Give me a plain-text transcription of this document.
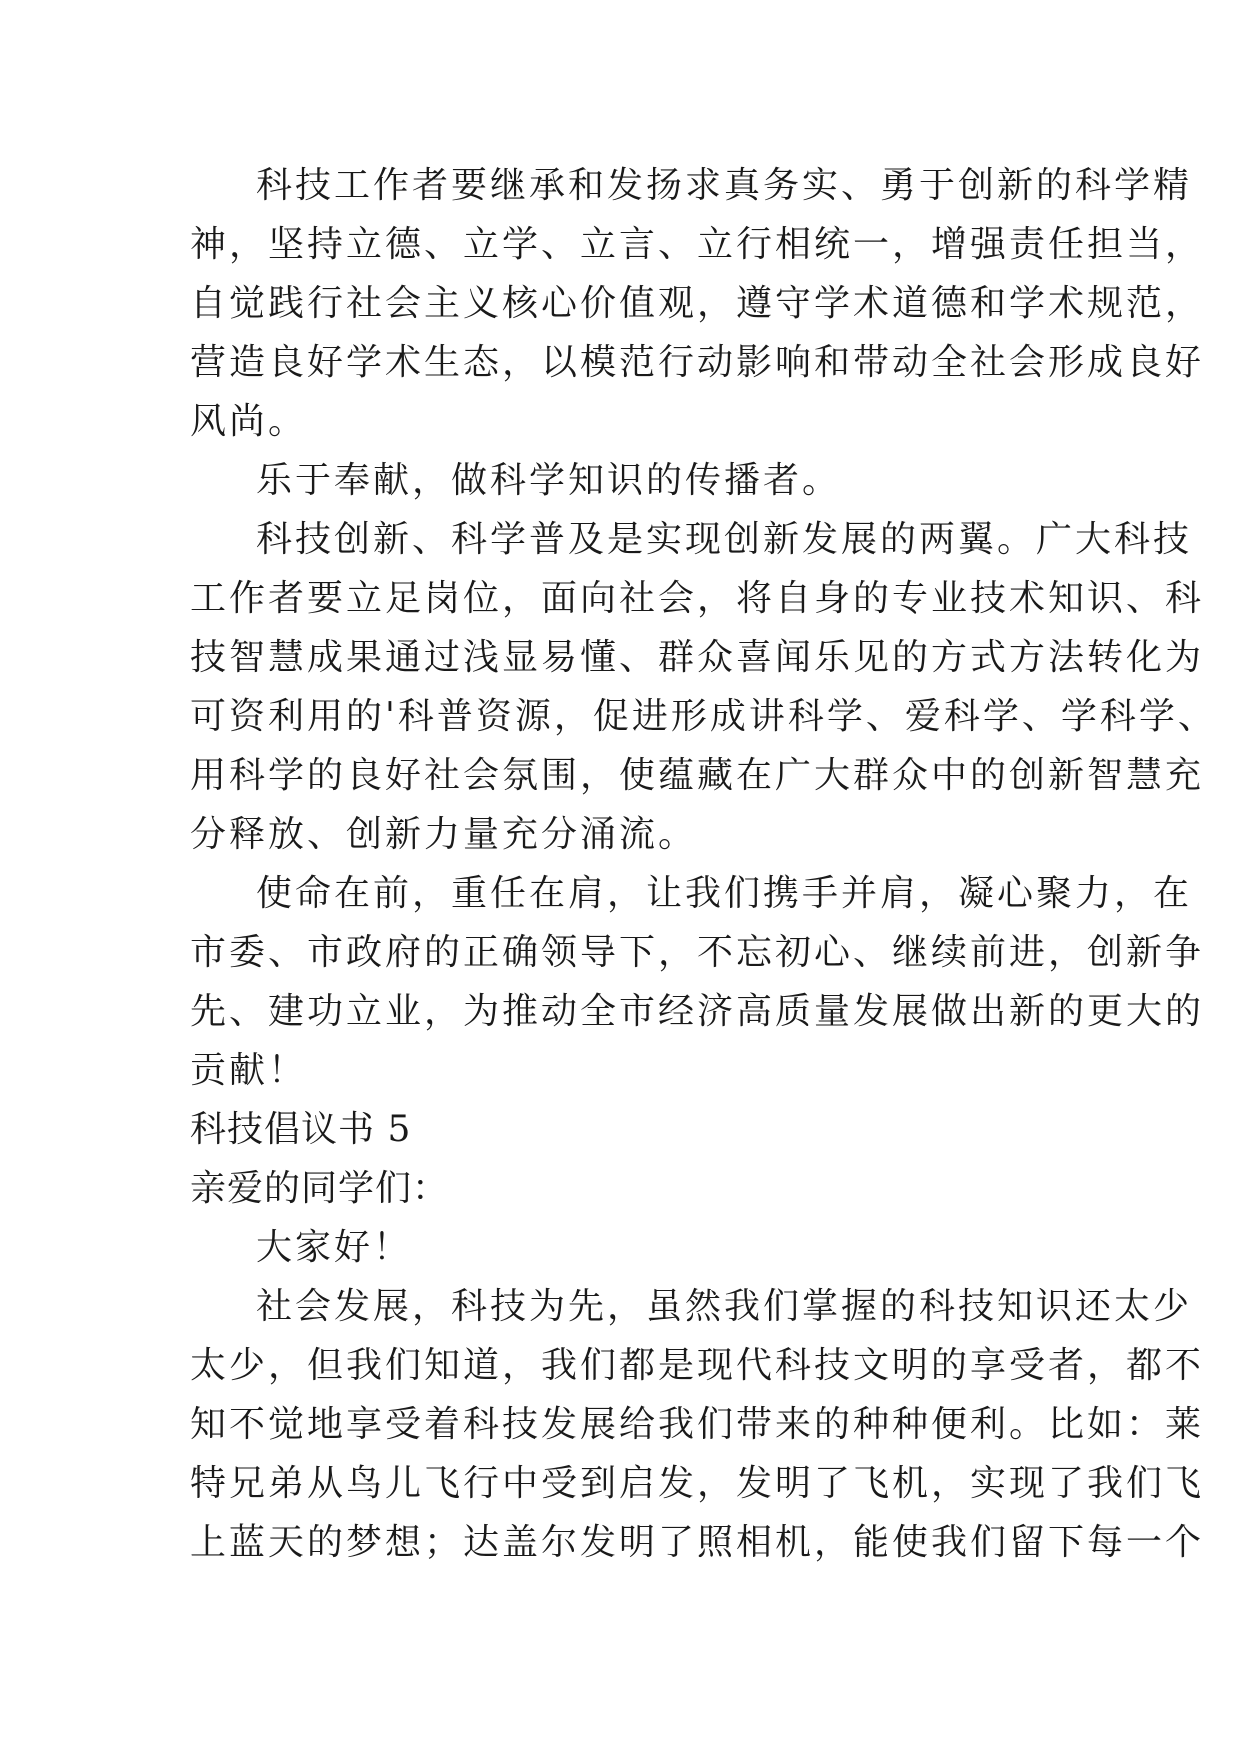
科技工作者要继承和发扬求真务实、勇于创新的科学精
神，坚持立德、立学、立言、立行相统一，增强责任担当，
自觉践行社会主义核心价值观，遵守学术道德和学术规范，
营造良好学术生态，以模范行动影响和带动全社会形成良好
风尚。
乐于奉献，做科学知识的传播者。
科技创新、科学普及是实现创新发展的两翼。广大科技
工作者要立足岗位，面向社会，将自身的专业技术知识、科
技智慧成果通过浅显易懂、群众喜闻乐见的方式方法转化为
可资利用的'科普资源，促进形成讲科学、爱科学、学科学、
用科学的良好社会氛围，使蕴藏在广大群众中的创新智慧充
分释放、创新力量充分涌流。
使命在前，重任在肩，让我们携手并肩，凝心聚力，在
市委、市政府的正确领导下，不忘初心、继续前进，创新争
先、建功立业，为推动全市经济高质量发展做出新的更大的
贡献！
科技倡议书 5
亲爱的同学们：
大家好！
社会发展，科技为先，虽然我们掌握的科技知识还太少
太少，但我们知道，我们都是现代科技文明的享受者，都不
知不觉地享受着科技发展给我们带来的种种便利。比如：莱
特兄弟从鸟儿飞行中受到启发，发明了飞机，实现了我们飞
上蓝天的梦想；达盖尔发明了照相机，能使我们留下每一个
